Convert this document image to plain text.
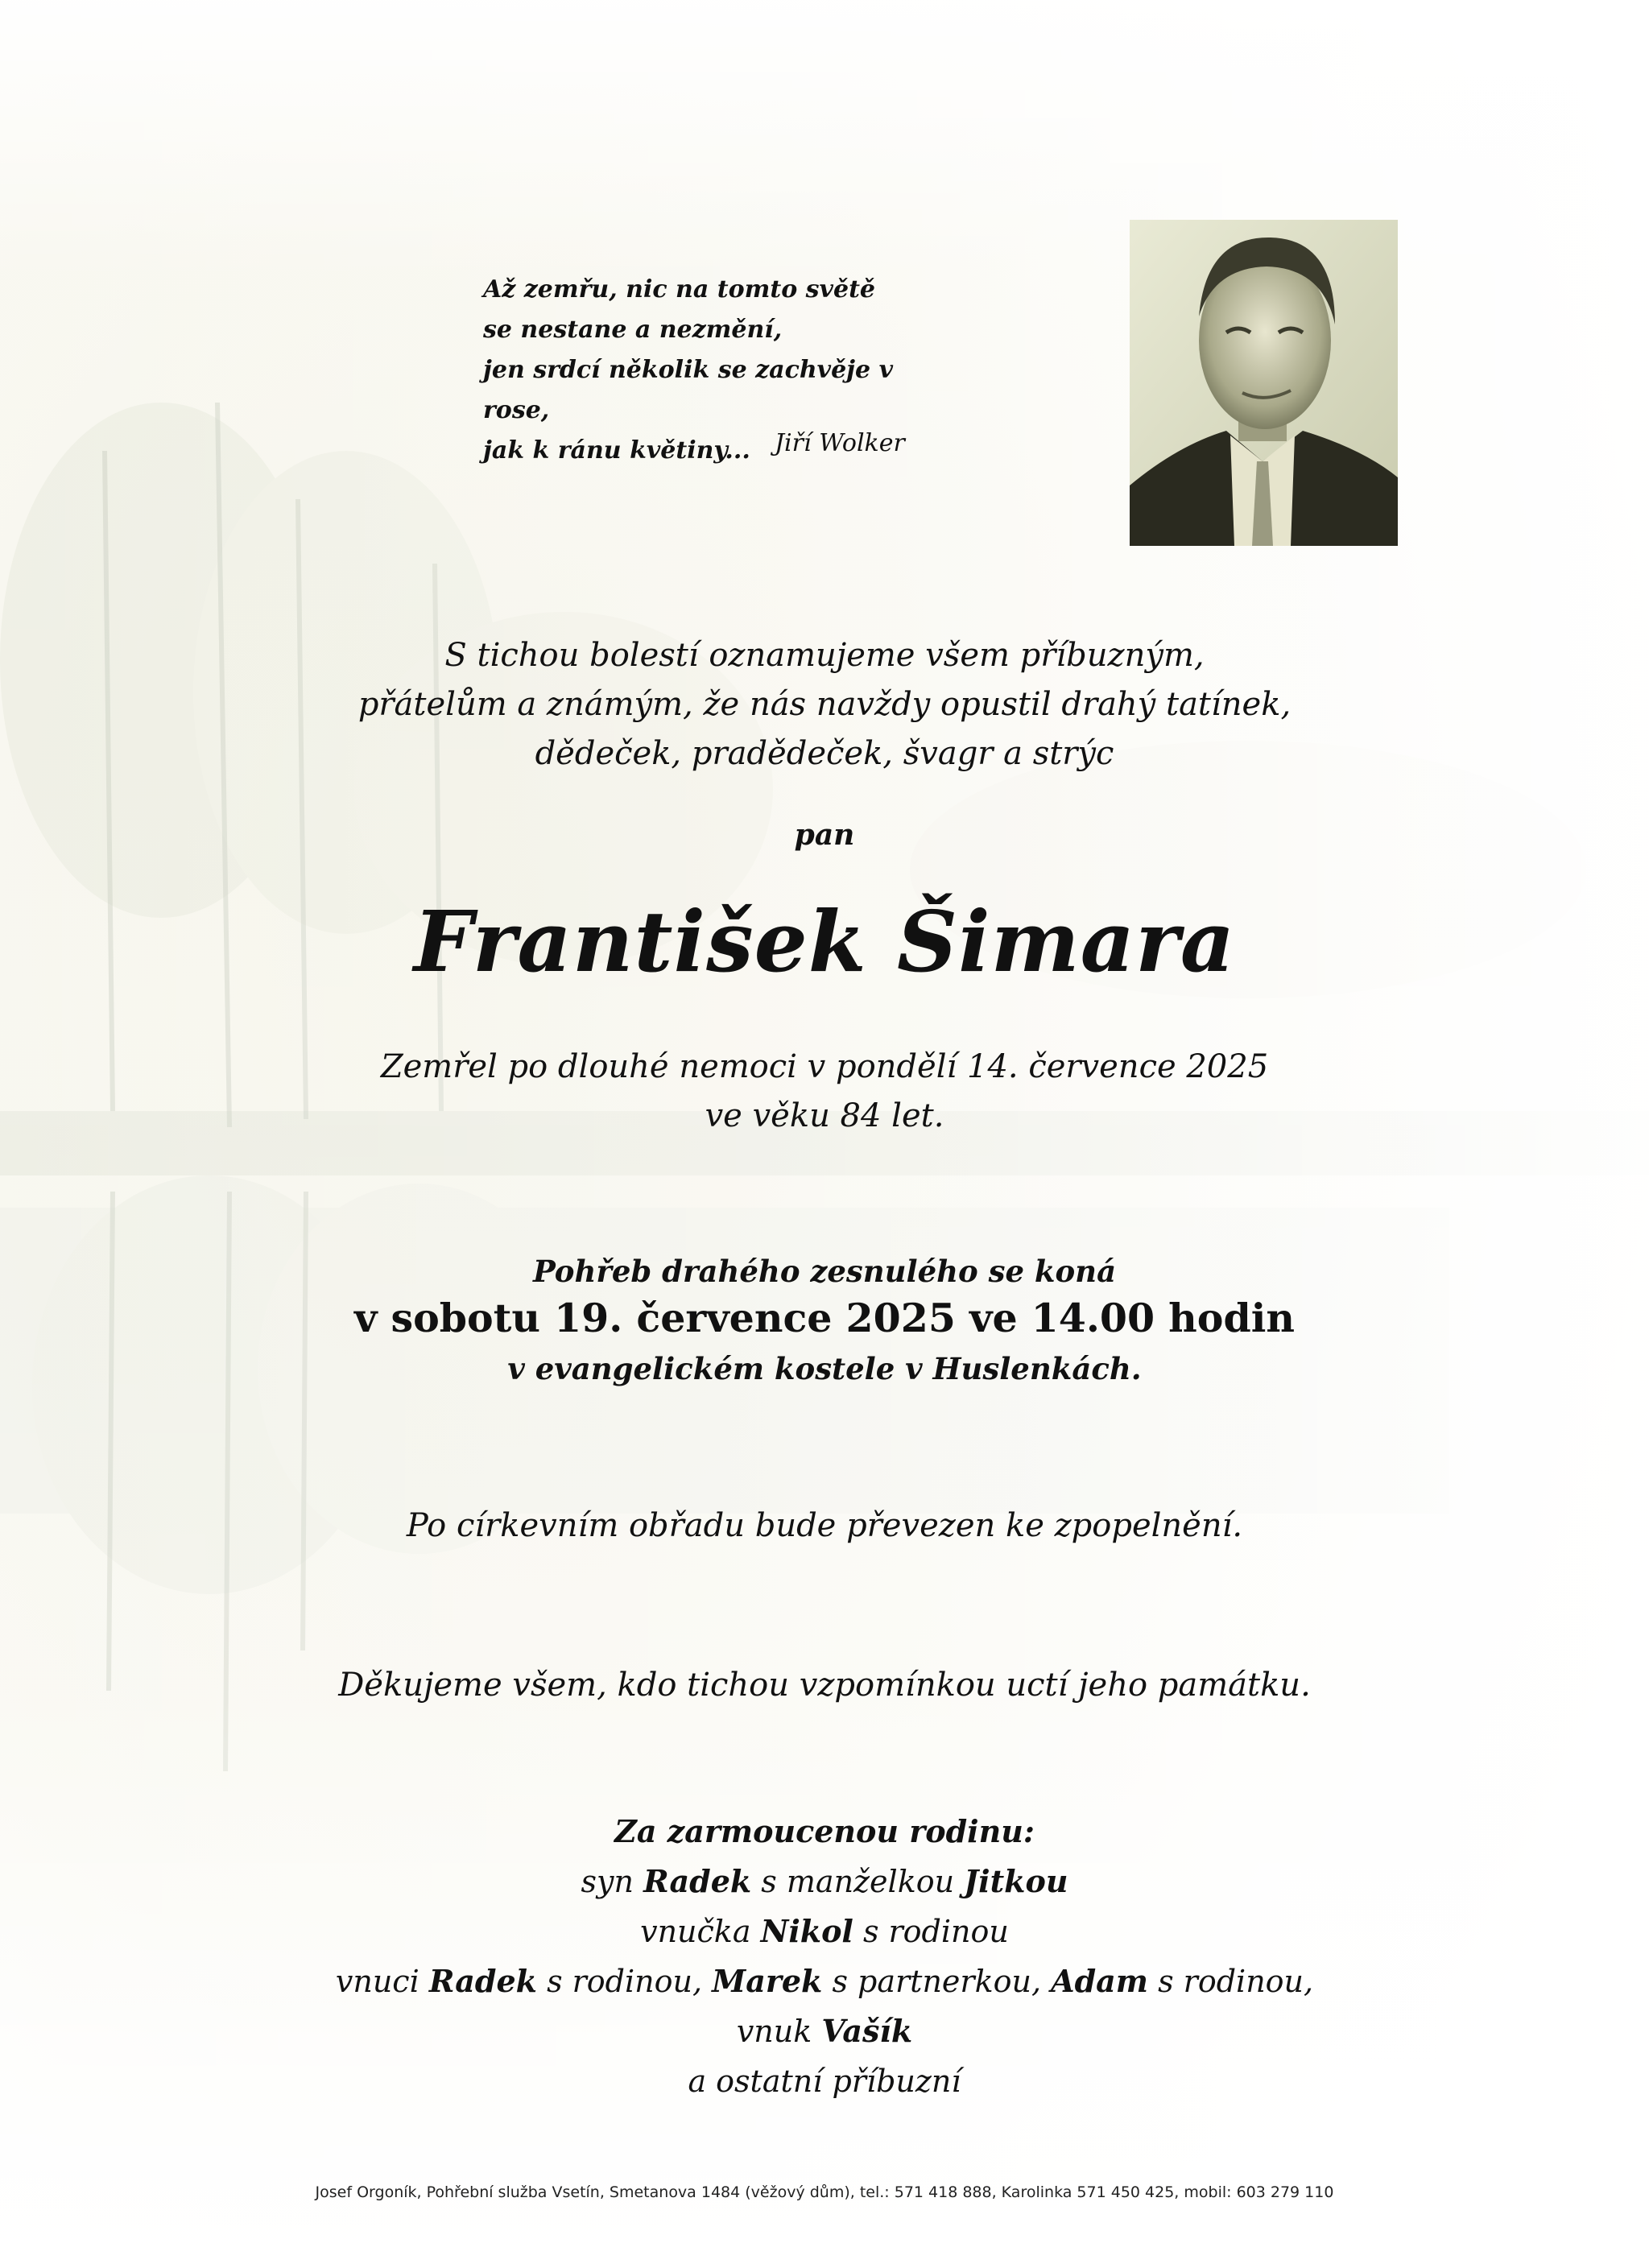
Až zemřu, nic na tomto světě
se nestane a nezmění,
jen srdcí několik se zachvěje v rose,
jak k ránu květiny...	Jiří Wolker
S tichou bolestí oznamujeme všem příbuzným,
přátelům a známým, že nás navždy opustil drahý tatínek,
dědeček, pradědeček, švagr a strýc
pan
František Šimara
Zemřel po dlouhé nemoci v pondělí 14. července 2025
ve věku 84 let.
Pohřeb drahého zesnulého se koná
v sobotu 19. července 2025 ve 14.00 hodin
v evangelickém kostele v Huslenkách.
Po církevním obřadu bude převezen ke zpopelnění.
Děkujeme všem, kdo tichou vzpomínkou uctí jeho památku.
Za zarmoucenou rodinu:
syn Radek s manželkou Jitkou
vnučka Nikol s rodinou
vnuci Radek s rodinou, Marek s partnerkou, Adam s rodinou,
vnuk Vašík
a ostatní příbuzní
Josef Orgoník, Pohřební služba Vsetín, Smetanova 1484 (věžový dům), tel.: 571 418 888, Karolinka 571 450 425, mobil: 603 279 110
